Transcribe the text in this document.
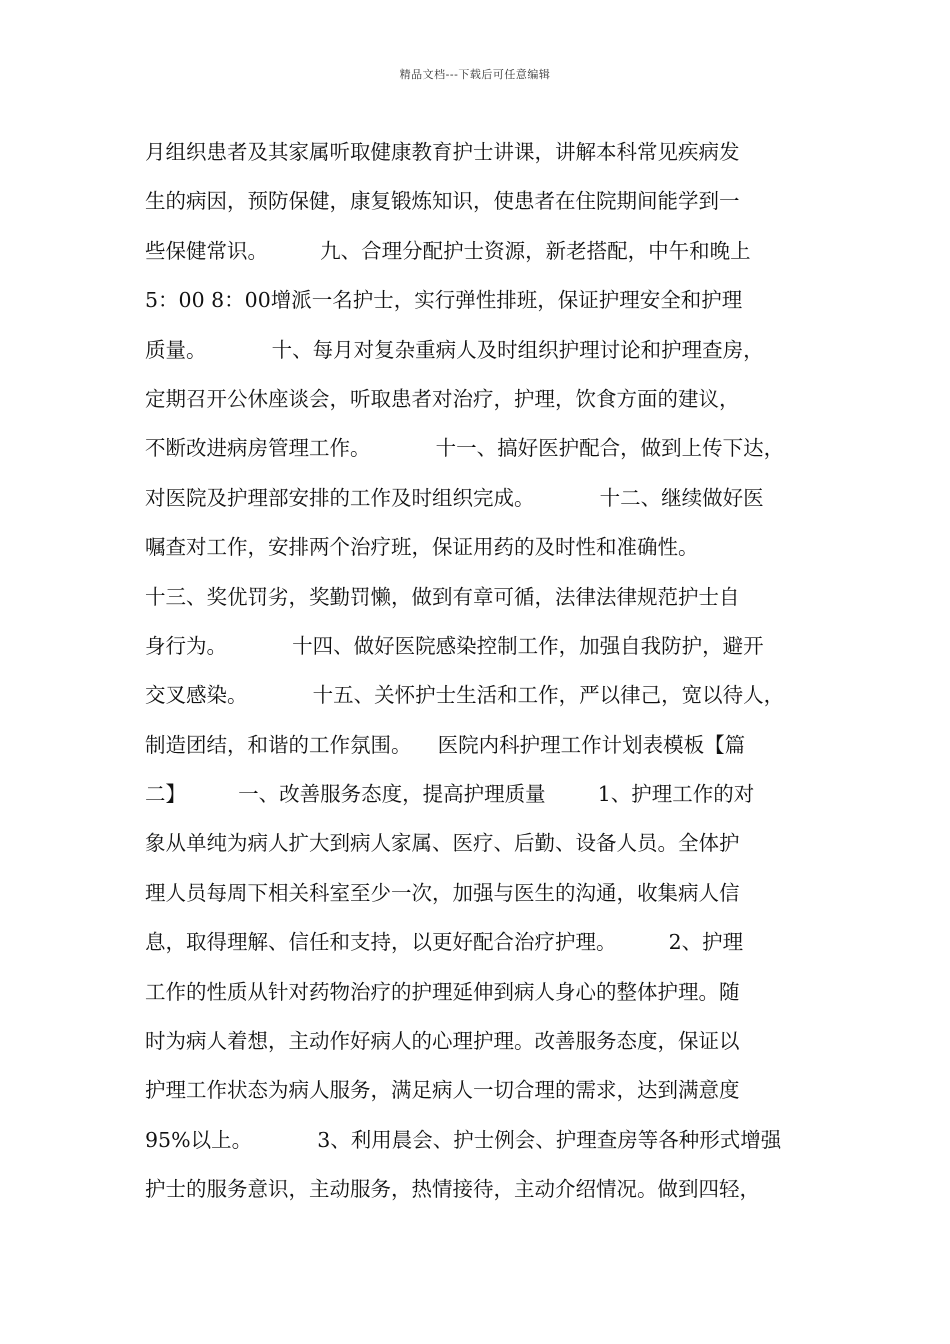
精品文档---下载后可任意编辑
月组织患者及其家属听取健康教育护士讲课，讲解本科常见疾病发
生的病因，预防保健，康复锻炼知识，使患者在住院期间能学到一
些保健常识。        九、合理分配护士资源，新老搭配，中午和晚上
5：00 8：00增派一名护士，实行弹性排班，保证护理安全和护理
质量。          十、每月对复杂重病人及时组织护理讨论和护理查房，
定期召开公休座谈会，听取患者对治疗，护理，饮食方面的建议，
不断改进病房管理工作。          十一、搞好医护配合，做到上传下达，
对医院及护理部安排的工作及时组织完成。          十二、继续做好医
嘱查对工作，安排两个治疗班，保证用药的及时性和准确性。
十三、奖优罚劣，奖勤罚懒，做到有章可循，法律法律规范护士自
身行为。          十四、做好医院感染控制工作，加强自我防护，避开
交叉感染。          十五、关怀护士生活和工作，严以律己，宽以待人，
制造团结，和谐的工作氛围。    医院内科护理工作计划表模板【篇
二】        一、改善服务态度，提高护理质量        1、护理工作的对
象从单纯为病人扩大到病人家属、医疗、后勤、设备人员。全体护
理人员每周下相关科室至少一次，加强与医生的沟通，收集病人信
息，取得理解、信任和支持，以更好配合治疗护理。        2、护理
工作的性质从针对药物治疗的护理延伸到病人身心的整体护理。随
时为病人着想，主动作好病人的心理护理。改善服务态度，保证以
护理工作状态为病人服务，满足病人一切合理的需求，达到满意度
95%以上。          3、利用晨会、护士例会、护理查房等各种形式增强
护士的服务意识，主动服务，热情接待，主动介绍情况。做到四轻，
